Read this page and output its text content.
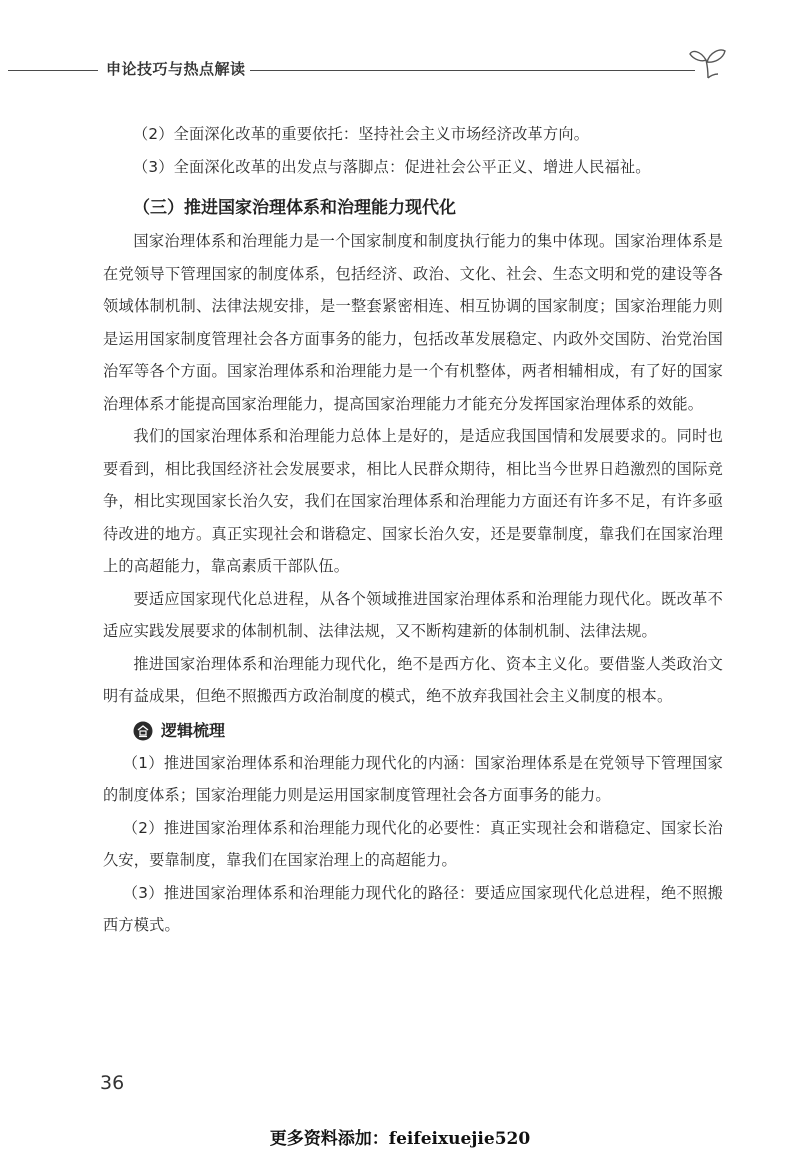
申论技巧与热点解读

（2）全面深化改革的重要依托：坚持社会主义市场经济改革方向。

（3）全面深化改革的出发点与落脚点：促进社会公平正义、增进人民福祉。

（三）推进国家治理体系和治理能力现代化

国家治理体系和治理能力是一个国家制度和制度执行能力的集中体现。国家治理体系是在党领导下管理国家的制度体系，包括经济、政治、文化、社会、生态文明和党的建设等各领域体制机制、法律法规安排，是一整套紧密相连、相互协调的国家制度；国家治理能力则是运用国家制度管理社会各方面事务的能力，包括改革发展稳定、内政外交国防、治党治国治军等各个方面。国家治理体系和治理能力是一个有机整体，两者相辅相成，有了好的国家治理体系才能提高国家治理能力，提高国家治理能力才能充分发挥国家治理体系的效能。

我们的国家治理体系和治理能力总体上是好的，是适应我国国情和发展要求的。同时也要看到，相比我国经济社会发展要求，相比人民群众期待，相比当今世界日趋激烈的国际竞争，相比实现国家长治久安，我们在国家治理体系和治理能力方面还有许多不足，有许多亟待改进的地方。真正实现社会和谐稳定、国家长治久安，还是要靠制度，靠我们在国家治理上的高超能力，靠高素质干部队伍。

要适应国家现代化总进程，从各个领域推进国家治理体系和治理能力现代化。既改革不适应实践发展要求的体制机制、法律法规，又不断构建新的体制机制、法律法规。

推进国家治理体系和治理能力现代化，绝不是西方化、资本主义化。要借鉴人类政治文明有益成果，但绝不照搬西方政治制度的模式，绝不放弃我国社会主义制度的根本。

逻辑梳理

（1）推进国家治理体系和治理能力现代化的内涵：国家治理体系是在党领导下管理国家的制度体系；国家治理能力则是运用国家制度管理社会各方面事务的能力。

（2）推进国家治理体系和治理能力现代化的必要性：真正实现社会和谐稳定、国家长治久安，要靠制度，靠我们在国家治理上的高超能力。

（3）推进国家治理体系和治理能力现代化的路径：要适应国家现代化总进程，绝不照搬西方模式。

36
更多资料添加：feifeixuejie520
